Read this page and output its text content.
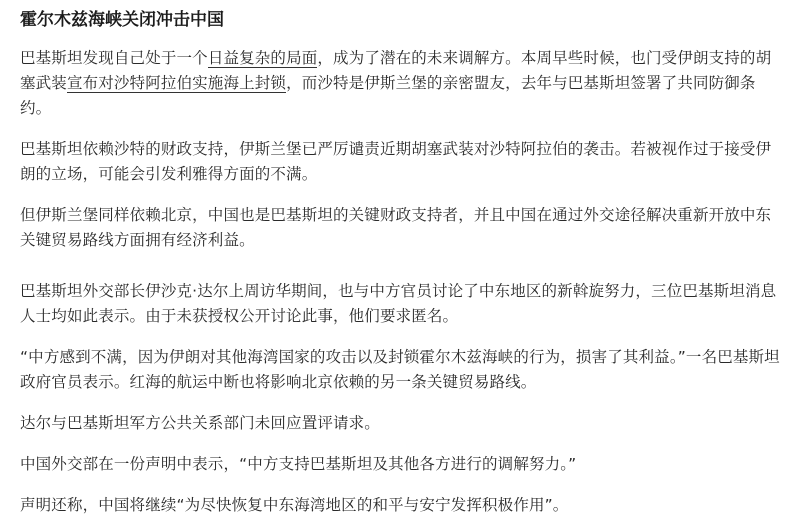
霍尔木兹海峡关闭冲击中国

巴基斯坦发现自己处于一个日益复杂的局面，成为了潜在的未来调解方。本周早些时候，也门受伊朗支持的胡塞武装宣布对沙特阿拉伯实施海上封锁，而沙特是伊斯兰堡的亲密盟友，去年与巴基斯坦签署了共同防御条约。

巴基斯坦依赖沙特的财政支持，伊斯兰堡已严厉谴责近期胡塞武装对沙特阿拉伯的袭击。若被视作过于接受伊朗的立场，可能会引发利雅得方面的不满。

但伊斯兰堡同样依赖北京，中国也是巴基斯坦的关键财政支持者，并且中国在通过外交途径解决重新开放中东关键贸易路线方面拥有经济利益。

巴基斯坦外交部长伊沙克·达尔上周访华期间，也与中方官员讨论了中东地区的新斡旋努力，三位巴基斯坦消息人士均如此表示。由于未获授权公开讨论此事，他们要求匿名。

“中方感到不满，因为伊朗对其他海湾国家的攻击以及封锁霍尔木兹海峡的行为，损害了其利益。”一名巴基斯坦政府官员表示。红海的航运中断也将影响北京依赖的另一条关键贸易路线。

达尔与巴基斯坦军方公共关系部门未回应置评请求。

中国外交部在一份声明中表示，“中方支持巴基斯坦及其他各方进行的调解努力。”

声明还称，中国将继续“为尽快恢复中东海湾地区的和平与安宁发挥积极作用”。
